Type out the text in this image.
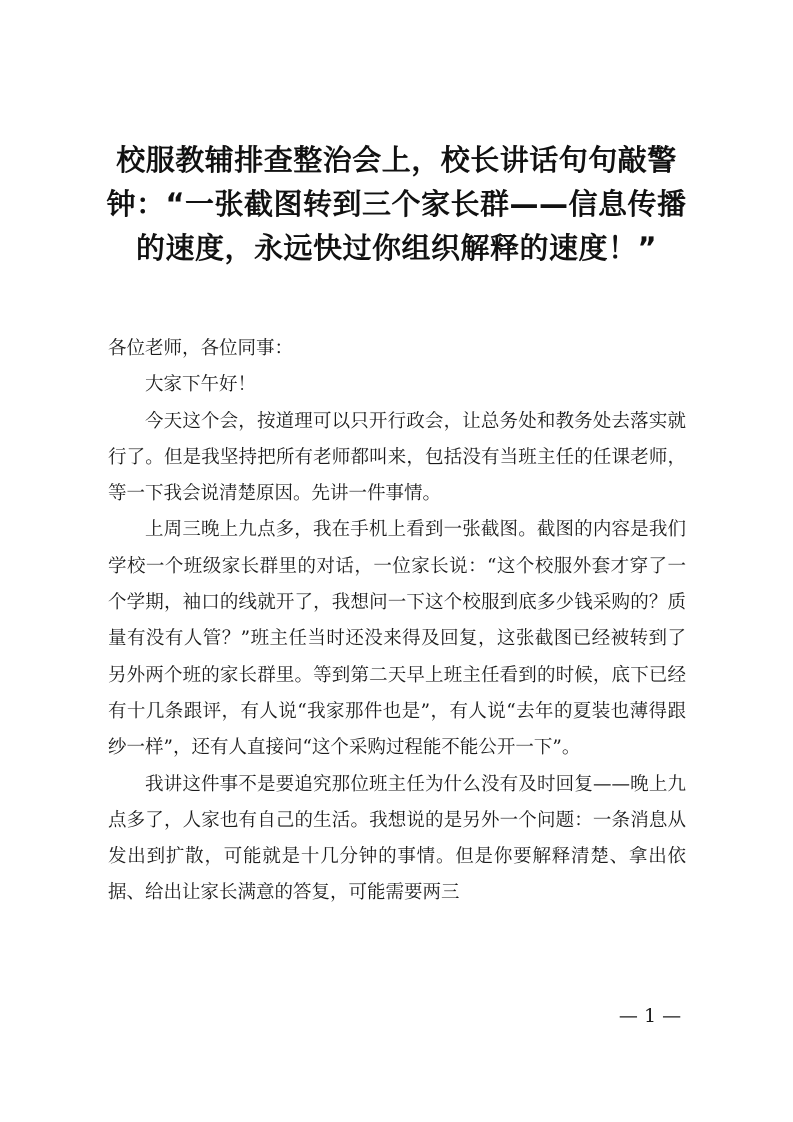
校服教辅排查整治会上，校长讲话句句敲警钟：“一张截图转到三个家长群——信息传播的速度，永远快过你组织解释的速度！”

各位老师，各位同事：

大家下午好！

今天这个会，按道理可以只开行政会，让总务处和教务处去落实就行了。但是我坚持把所有老师都叫来，包括没有当班主任的任课老师，等一下我会说清楚原因。先讲一件事情。

上周三晚上九点多，我在手机上看到一张截图。截图的内容是我们学校一个班级家长群里的对话，一位家长说：“这个校服外套才穿了一个学期，袖口的线就开了，我想问一下这个校服到底多少钱采购的？质量有没有人管？”班主任当时还没来得及回复，这张截图已经被转到了另外两个班的家长群里。等到第二天早上班主任看到的时候，底下已经有十几条跟评，有人说“我家那件也是”，有人说“去年的夏装也薄得跟纱一样”，还有人直接问“这个采购过程能不能公开一下”。

我讲这件事不是要追究那位班主任为什么没有及时回复——晚上九点多了，人家也有自己的生活。我想说的是另外一个问题：一条消息从发出到扩散，可能就是十几分钟的事情。但是你要解释清楚、拿出依据、给出让家长满意的答复，可能需要两三

— 1 —
